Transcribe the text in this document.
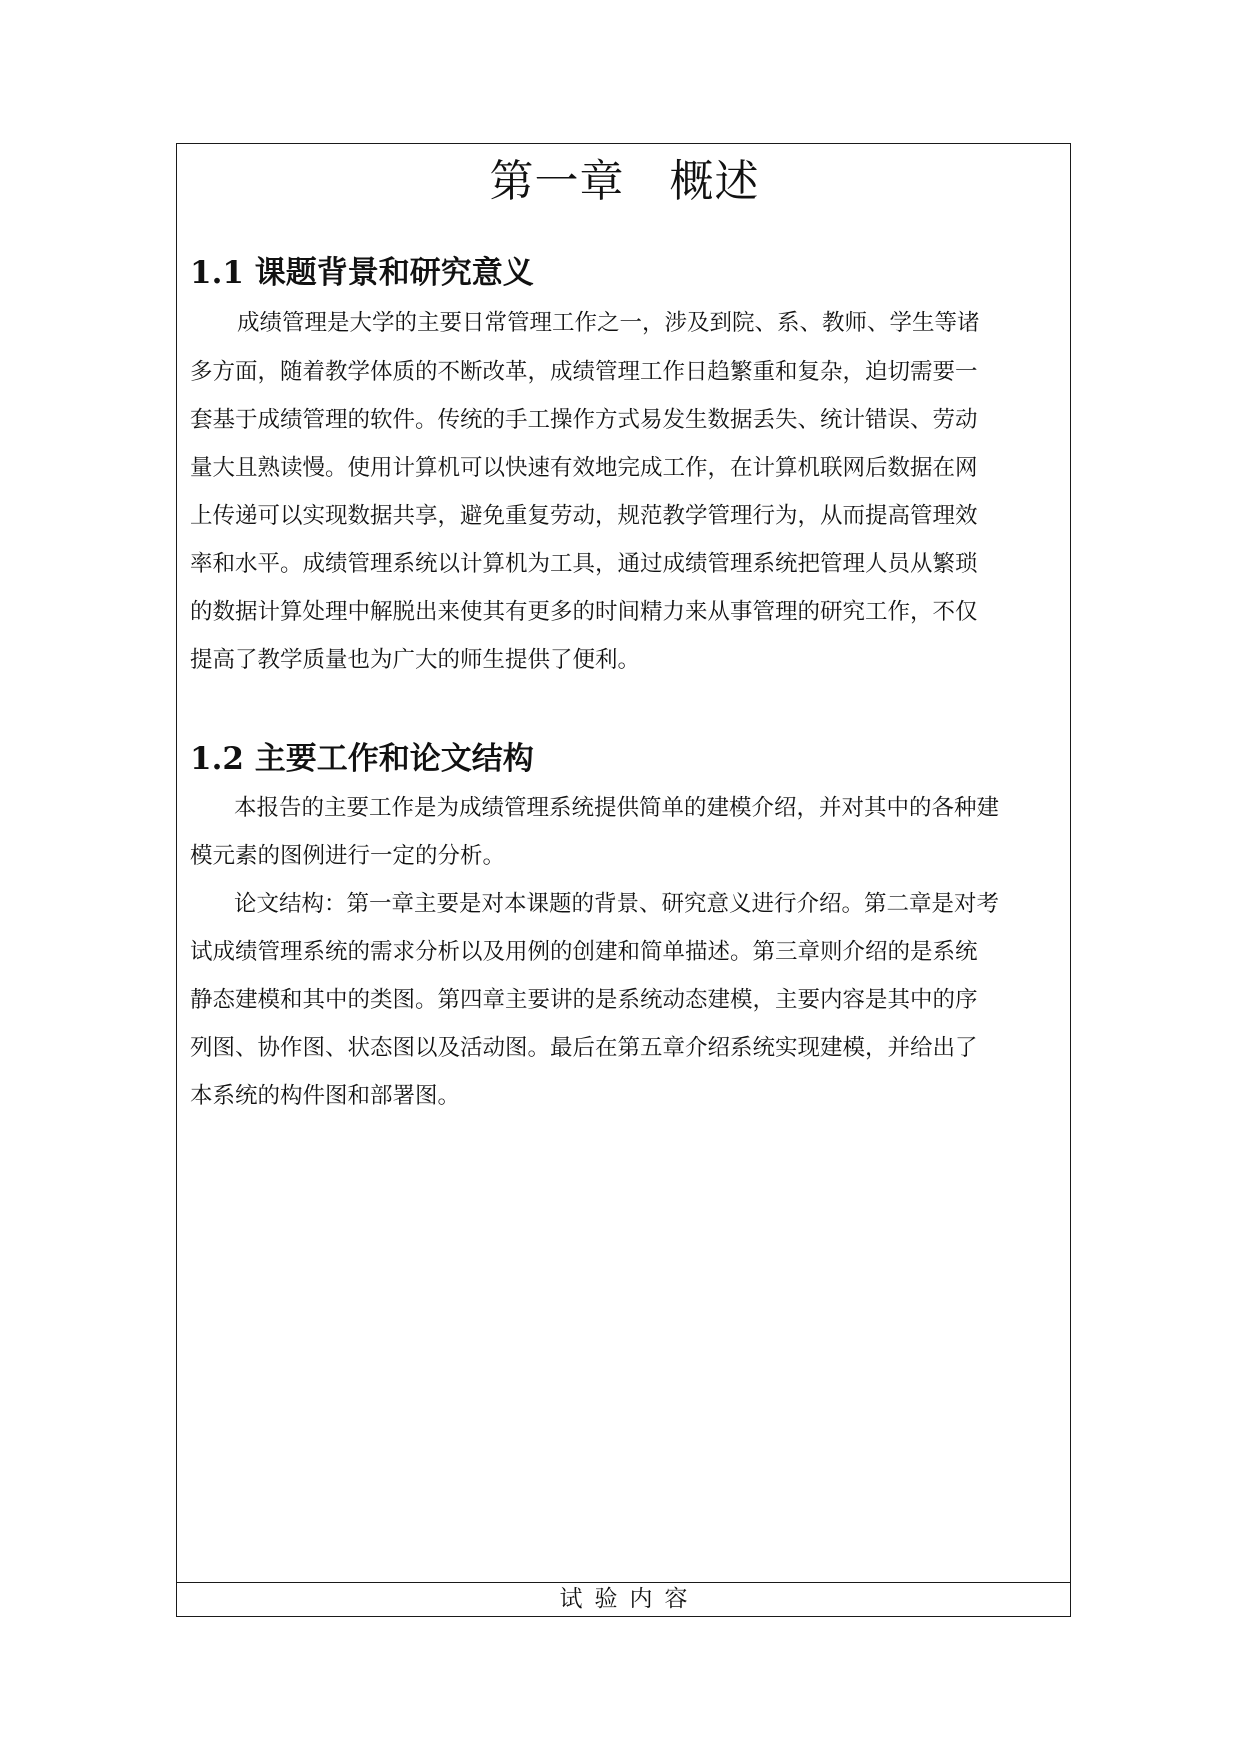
第一章　概述
1.1 课题背景和研究意义

成绩管理是大学的主要日常管理工作之一，涉及到院、系、教师、学生等诸

多方面，随着教学体质的不断改革，成绩管理工作日趋繁重和复杂，迫切需要一

套基于成绩管理的软件。传统的手工操作方式易发生数据丢失、统计错误、劳动

量大且熟读慢。使用计算机可以快速有效地完成工作，在计算机联网后数据在网

上传递可以实现数据共享，避免重复劳动，规范教学管理行为，从而提高管理效

率和水平。成绩管理系统以计算机为工具，通过成绩管理系统把管理人员从繁琐

的数据计算处理中解脱出来使其有更多的时间精力来从事管理的研究工作，不仅

提高了教学质量也为广大的师生提供了便利。

1.2 主要工作和论文结构

本报告的主要工作是为成绩管理系统提供简单的建模介绍，并对其中的各种建

模元素的图例进行一定的分析。

论文结构：第一章主要是对本课题的背景、研究意义进行介绍。第二章是对考

试成绩管理系统的需求分析以及用例的创建和简单描述。第三章则介绍的是系统

静态建模和其中的类图。第四章主要讲的是系统动态建模，主要内容是其中的序

列图、协作图、状态图以及活动图。最后在第五章介绍系统实现建模，并给出了

本系统的构件图和部署图。

试验内容
